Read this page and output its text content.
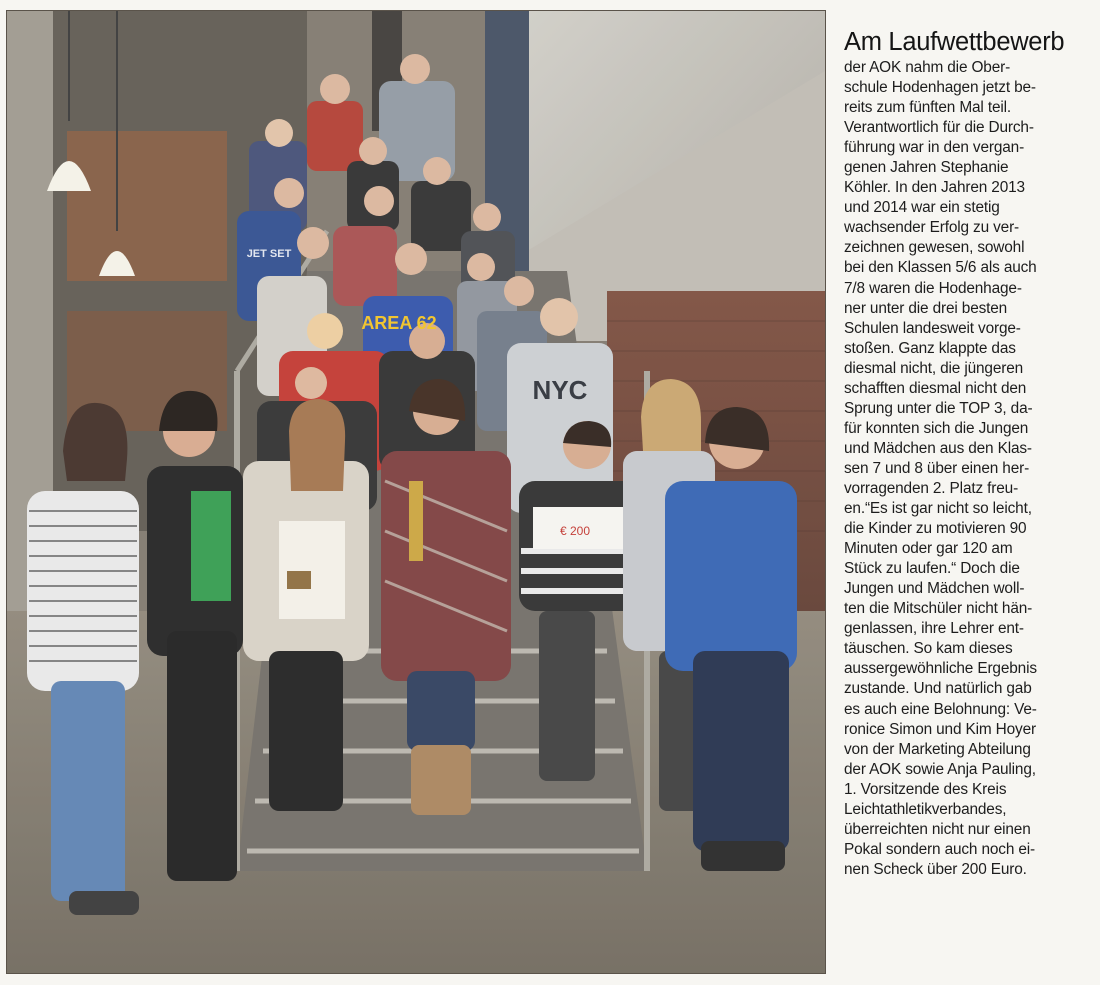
€ 200
AREA 62
NYC
JET SET
Am Laufwettbewerb
der AOK nahm die Ober-
schule Hodenhagen jetzt be-
reits zum fünften Mal teil.
Verantwortlich für die Durch-
führung war in den vergan-
genen Jahren Stephanie
Köhler. In den Jahren 2013
und 2014 war ein stetig
wachsender Erfolg zu ver-
zeichnen gewesen, sowohl
bei den Klassen 5/6 als auch
7/8 waren die Hodenhage-
ner unter die drei besten
Schulen landesweit vorge-
stoßen. Ganz klappte das
diesmal nicht, die jüngeren
schafften diesmal nicht den
Sprung unter die TOP 3, da-
für konnten sich die Jungen
und Mädchen aus den Klas-
sen 7 und 8 über einen her-
vorragenden 2. Platz freu-
en.“Es ist gar nicht so leicht,
die Kinder zu motivieren 90
Minuten oder gar 120 am
Stück zu laufen.“ Doch die
Jungen und Mädchen woll-
ten die Mitschüler nicht hän-
genlassen, ihre Lehrer ent-
täuschen. So kam dieses
aussergewöhnliche Ergebnis
zustande. Und natürlich gab
es auch eine Belohnung: Ve-
ronice Simon und Kim Hoyer
von der Marketing Abteilung
der AOK sowie Anja Pauling,
1. Vorsitzende des Kreis
Leichtathletikverbandes,
überreichten nicht nur einen
Pokal sondern auch noch ei-
nen Scheck über 200 Euro.
